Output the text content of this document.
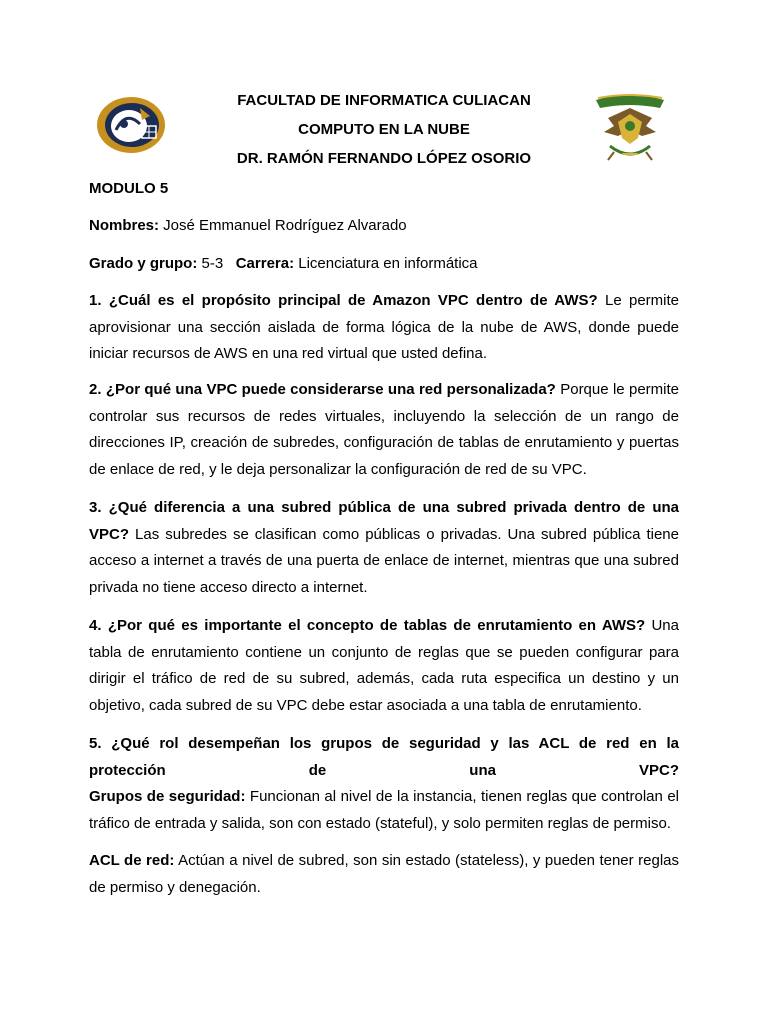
FACULTAD DE INFORMATICA CULIACAN
COMPUTO EN LA NUBE
DR. RAMÓN FERNANDO LÓPEZ OSORIO
MODULO 5
Nombres: José Emmanuel Rodríguez Alvarado
Grado y grupo: 5-3 Carrera: Licenciatura en informática
1. ¿Cuál es el propósito principal de Amazon VPC dentro de AWS? Le permite aprovisionar una sección aislada de forma lógica de la nube de AWS, donde puede iniciar recursos de AWS en una red virtual que usted defina.
2. ¿Por qué una VPC puede considerarse una red personalizada? Porque le permite controlar sus recursos de redes virtuales, incluyendo la selección de un rango de direcciones IP, creación de subredes, configuración de tablas de enrutamiento y puertas de enlace de red, y le deja personalizar la configuración de red de su VPC.
3. ¿Qué diferencia a una subred pública de una subred privada dentro de una VPC? Las subredes se clasifican como públicas o privadas. Una subred pública tiene acceso a internet a través de una puerta de enlace de internet, mientras que una subred privada no tiene acceso directo a internet.
4. ¿Por qué es importante el concepto de tablas de enrutamiento en AWS? Una tabla de enrutamiento contiene un conjunto de reglas que se pueden configurar para dirigir el tráfico de red de su subred, además, cada ruta especifica un destino y un objetivo, cada subred de su VPC debe estar asociada a una tabla de enrutamiento.
5. ¿Qué rol desempeñan los grupos de seguridad y las ACL de red en la protección de una VPC?
Grupos de seguridad: Funcionan al nivel de la instancia, tienen reglas que controlan el tráfico de entrada y salida, son con estado (stateful), y solo permiten reglas de permiso.
ACL de red: Actúan a nivel de subred, son sin estado (stateless), y pueden tener reglas de permiso y denegación.
